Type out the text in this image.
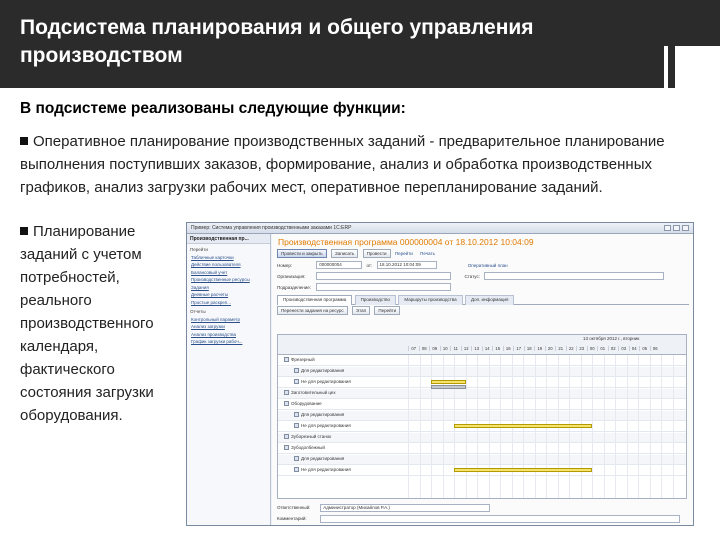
Подсистема планирования и общего управления производством
В подсистеме реализованы следующие функции:
Оперативное планирование производственных заданий - предварительное планирование выполнения поступивших заказов, формирование, анализ и обработка производственных графиков, анализ загрузки рабочих мест, оперативное перепланирование заданий.
Планирование заданий с учетом потребностей, реального производственного календаря, фактического состояния загрузки оборудования.
Пример: Система управления производственными заказами 1С:ERP
Производственная пр...
Перейти
Табличные карточки
Действие пользователя
Балансовый учет
Производственные ресурсы
Задания
Дневные расчеты
Простые раскреп...
Отчеты
Контрольный параметр
Анализ загрузки
Анализ производства
График загрузки рабоч...
Производственная программа 000000004 от 18.10.2012 10:04:09
Провести и закрыть	Записать	Провести Перейти Печать
Номер:	000000004	от: 18.10.2012 10:04:09	Оперативный план
Организация:	Статус:
Подразделение:
Производственная программа	Производство	Маршруты производства	Доп. информация
Перенести задания на ресурс	Этап	Перейти
13 октября 2012 г., вторник
07 08 09 10 11 12 13 14 15 16 17 18 19 20 21 22 23 00 01 02 03 04 05 06
Фрезерный
Для редактирования
Не для редактирования
Заготовительный цех
Оборудование
Для редактирования
Не для редактирования
Зуборезный станок
Зубодолбежный
Для редактирования
Не для редактирования
Ответственный:	Администратор (Михайлов Р.А.)
Комментарий:
